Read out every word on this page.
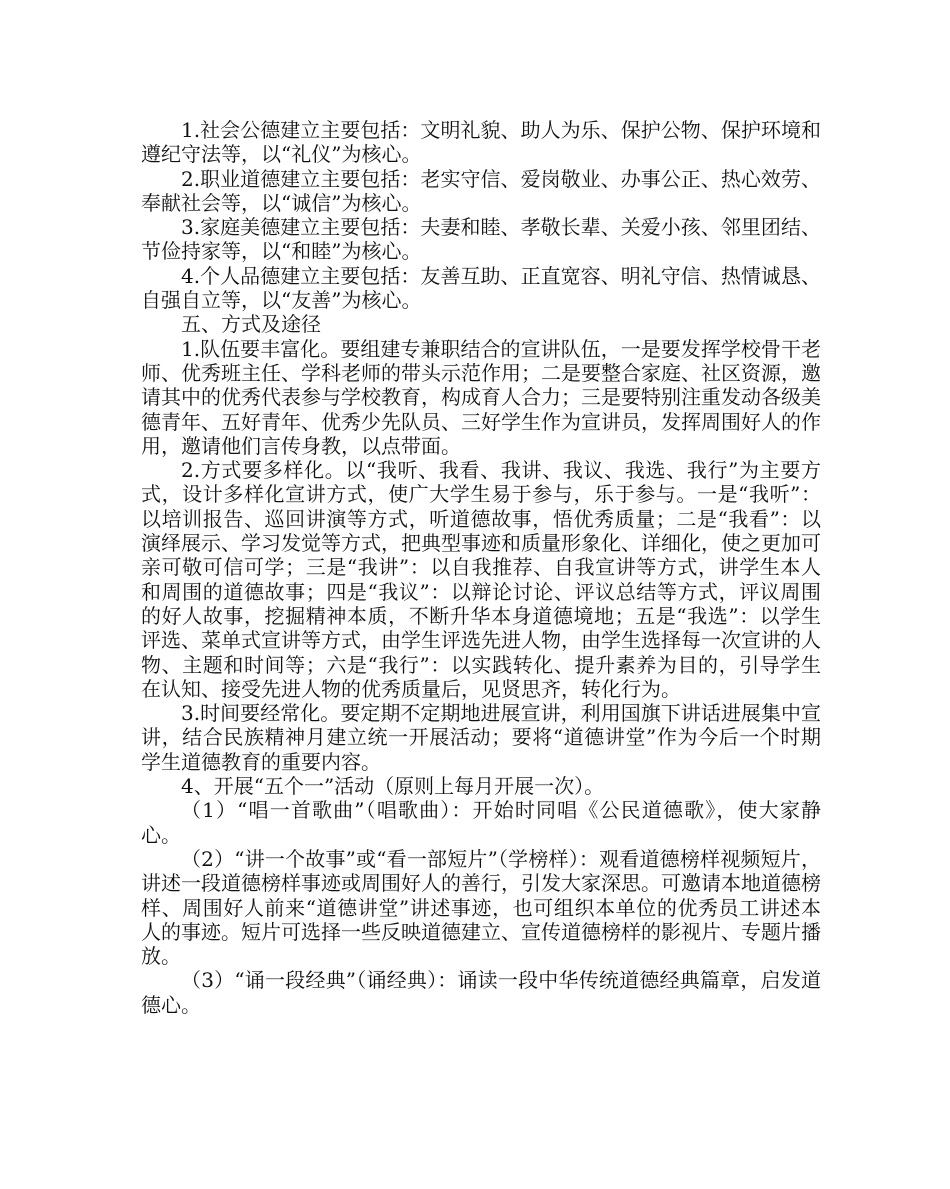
1.社会公德建立主要包括：文明礼貌、助人为乐、保护公物、保护环境和遵纪守法等，以“礼仪”为核心。

2.职业道德建立主要包括：老实守信、爱岗敬业、办事公正、热心效劳、奉献社会等，以“诚信”为核心。

3.家庭美德建立主要包括：夫妻和睦、孝敬长辈、关爱小孩、邻里团结、节俭持家等，以“和睦”为核心。

4.个人品德建立主要包括：友善互助、正直宽容、明礼守信、热情诚恳、自强自立等，以“友善”为核心。

五、方式及途径

1.队伍要丰富化。要组建专兼职结合的宣讲队伍，一是要发挥学校骨干老师、优秀班主任、学科老师的带头示范作用；二是要整合家庭、社区资源，邀请其中的优秀代表参与学校教育，构成育人合力；三是要特别注重发动各级美德青年、五好青年、优秀少先队员、三好学生作为宣讲员，发挥周围好人的作用，邀请他们言传身教，以点带面。

2.方式要多样化。以“我听、我看、我讲、我议、我选、我行”为主要方式，设计多样化宣讲方式，使广大学生易于参与，乐于参与。一是“我听”：以培训报告、巡回讲演等方式，听道德故事，悟优秀质量；二是“我看”：以演绎展示、学习发觉等方式，把典型事迹和质量形象化、详细化，使之更加可亲可敬可信可学；三是“我讲”：以自我推荐、自我宣讲等方式，讲学生本人和周围的道德故事；四是“我议”：以辩论讨论、评议总结等方式，评议周围的好人故事，挖掘精神本质，不断升华本身道德境地；五是“我选”：以学生评选、菜单式宣讲等方式，由学生评选先进人物，由学生选择每一次宣讲的人物、主题和时间等；六是“我行”：以实践转化、提升素养为目的，引导学生在认知、接受先进人物的优秀质量后，见贤思齐，转化行为。

3.时间要经常化。要定期不定期地进展宣讲，利用国旗下讲话进展集中宣讲，结合民族精神月建立统一开展活动；要将“道德讲堂”作为今后一个时期学生道德教育的重要内容。

4、开展“五个一”活动（原则上每月开展一次）。

（1）“唱一首歌曲”（唱歌曲）：开始时同唱《公民道德歌》，使大家静心。

（2）“讲一个故事”或“看一部短片”（学榜样）：观看道德榜样视频短片，讲述一段道德榜样事迹或周围好人的善行，引发大家深思。可邀请本地道德榜样、周围好人前来“道德讲堂”讲述事迹，也可组织本单位的优秀员工讲述本人的事迹。短片可选择一些反映道德建立、宣传道德榜样的影视片、专题片播放。

（3）“诵一段经典”（诵经典）：诵读一段中华传统道德经典篇章，启发道德心。
